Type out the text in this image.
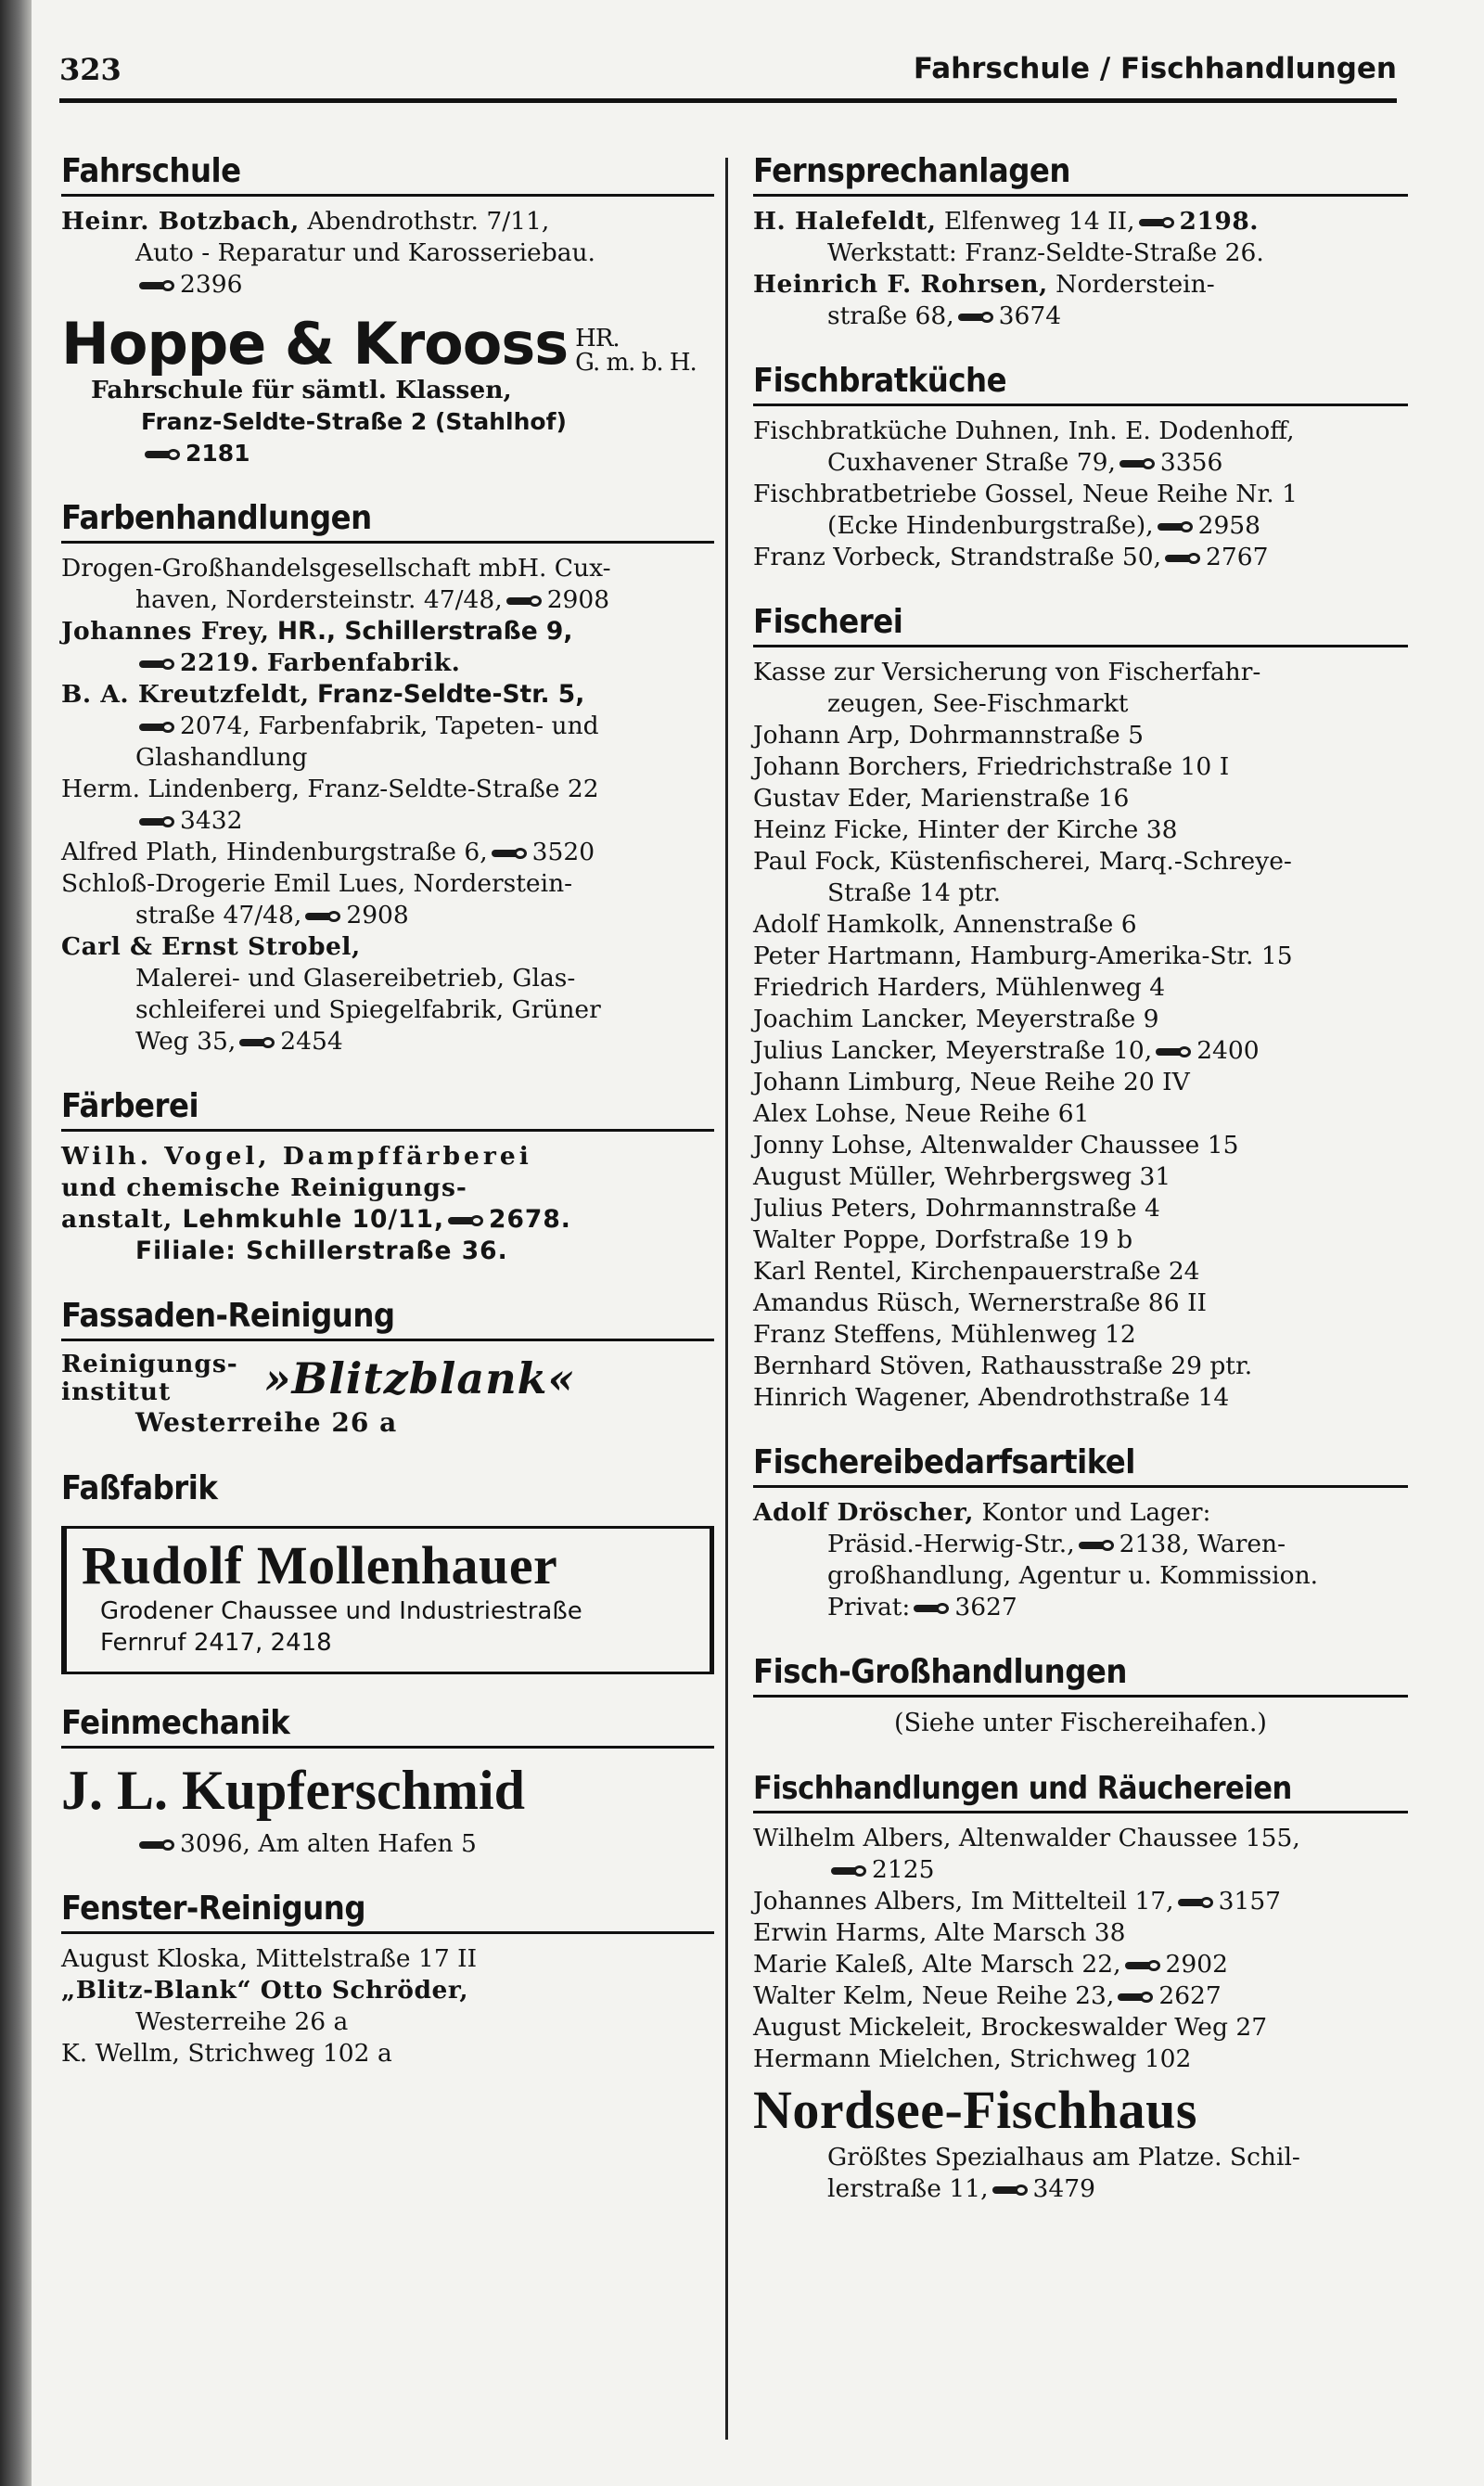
323	Fahrschule / Fischhandlungen
Fahrschule
Heinr. Botzbach, Abendrothstr. 7/11,
Auto - Reparatur und Karosseriebau.
2396
Hoppe & Krooss HR.
G. m. b. H.
Fahrschule für sämtl. Klassen,
Franz-Seldte-Straße 2 (Stahlhof)
2181
Farbenhandlungen
Drogen-Großhandelsgesellschaft mbH. Cux-
haven, Nordersteinstr. 47/48, 2908
Johannes Frey, HR., Schillerstraße 9,
2219. Farbenfabrik.
B. A. Kreutzfeldt, Franz-Seldte-Str. 5,
2074, Farbenfabrik, Tapeten- und
Glashandlung
Herm. Lindenberg, Franz-Seldte-Straße 22
3432
Alfred Plath, Hindenburgstraße 6, 3520
Schloß-Drogerie Emil Lues, Norderstein-
straße 47/48, 2908
Carl & Ernst Strobel,
Malerei- und Glasereibetrieb, Glas-
schleiferei und Spiegelfabrik, Grüner
Weg 35, 2454
Färberei
Wilh. Vogel, Dampffärberei
und chemische Reinigungs-
anstalt, Lehmkuhle 10/11, 2678.
Filiale: Schillerstraße 36.
Fassaden-Reinigung
Reinigungs-
institut	»Blitzblank«
Westerreihe 26 a
Faßfabrik
Rudolf Mollenhauer
Grodener Chaussee und Industriestraße
Fernruf 2417, 2418
Feinmechanik
J. L. Kupferschmid
3096, Am alten Hafen 5
Fenster-Reinigung
August Kloska, Mittelstraße 17 II
„Blitz-Blank“ Otto Schröder,
Westerreihe 26 a
K. Wellm, Strichweg 102 a
Fernsprechanlagen
H. Halefeldt, Elfenweg 14 II, 2198.
Werkstatt: Franz-Seldte-Straße 26.
Heinrich F. Rohrsen, Norderstein-
straße 68, 3674
Fischbratküche
Fischbratküche Duhnen, Inh. E. Dodenhoff,
Cuxhavener Straße 79, 3356
Fischbratbetriebe Gossel, Neue Reihe Nr. 1
(Ecke Hindenburgstraße), 2958
Franz Vorbeck, Strandstraße 50, 2767
Fischerei
Kasse zur Versicherung von Fischerfahr-
zeugen, See-Fischmarkt
Johann Arp, Dohrmannstraße 5
Johann Borchers, Friedrichstraße 10 I
Gustav Eder, Marienstraße 16
Heinz Ficke, Hinter der Kirche 38
Paul Fock, Küstenfischerei, Marq.-Schreye-
Straße 14 ptr.
Adolf Hamkolk, Annenstraße 6
Peter Hartmann, Hamburg-Amerika-Str. 15
Friedrich Harders, Mühlenweg 4
Joachim Lancker, Meyerstraße 9
Julius Lancker, Meyerstraße 10, 2400
Johann Limburg, Neue Reihe 20 IV
Alex Lohse, Neue Reihe 61
Jonny Lohse, Altenwalder Chaussee 15
August Müller, Wehrbergsweg 31
Julius Peters, Dohrmannstraße 4
Walter Poppe, Dorfstraße 19 b
Karl Rentel, Kirchenpauerstraße 24
Amandus Rüsch, Wernerstraße 86 II
Franz Steffens, Mühlenweg 12
Bernhard Stöven, Rathausstraße 29 ptr.
Hinrich Wagener, Abendrothstraße 14
Fischereibedarfsartikel
Adolf Dröscher, Kontor und Lager:
Präsid.-Herwig-Str., 2138, Waren-
großhandlung, Agentur u. Kommission.
Privat: 3627
Fisch-Großhandlungen
(Siehe unter Fischereihafen.)
Fischhandlungen und Räuchereien
Wilhelm Albers, Altenwalder Chaussee 155,
2125
Johannes Albers, Im Mittelteil 17, 3157
Erwin Harms, Alte Marsch 38
Marie Kaleß, Alte Marsch 22, 2902
Walter Kelm, Neue Reihe 23, 2627
August Mickeleit, Brockeswalder Weg 27
Hermann Mielchen, Strichweg 102
Nordsee-Fischhaus
Größtes Spezialhaus am Platze. Schil-
lerstraße 11, 3479
